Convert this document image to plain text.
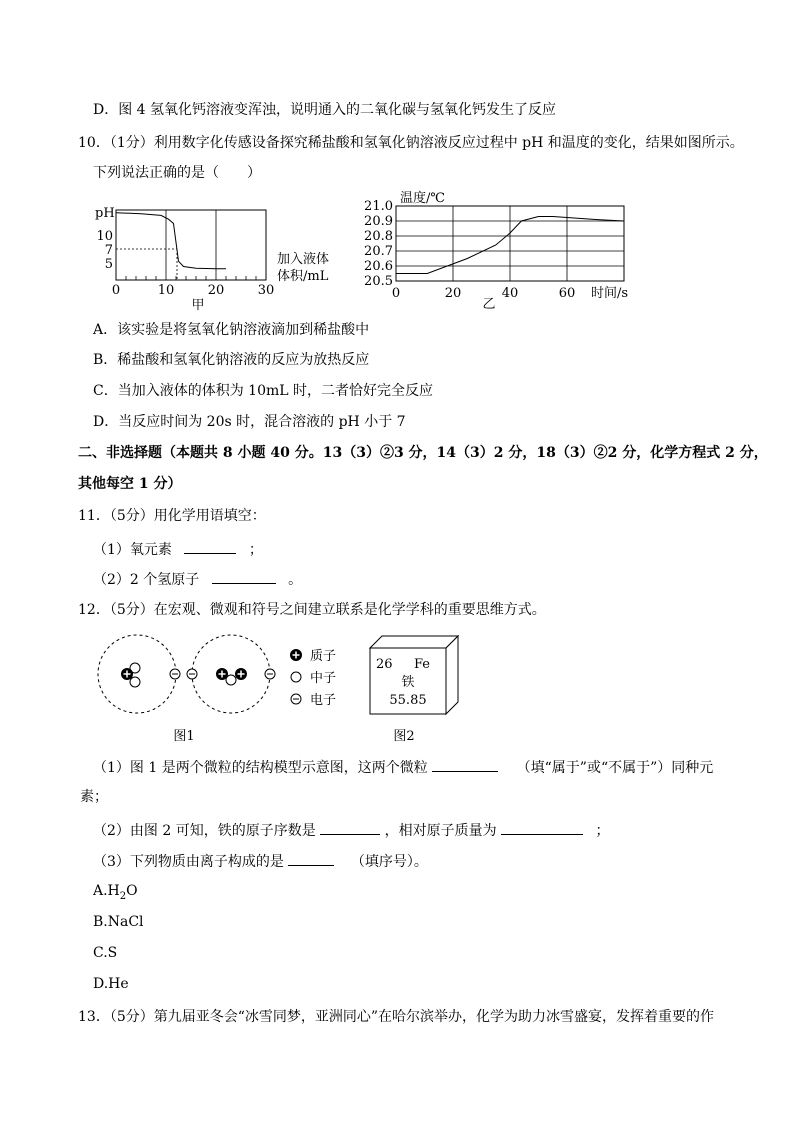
D．图 4 氢氧化钙溶液变浑浊，说明通入的二氧化碳与氢氧化钙发生了反应
10．（1分）利用数字化传感设备探究稀盐酸和氢氧化钠溶液反应过程中 pH 和温度的变化，结果如图所示。
下列说法正确的是（　　）
pH
10
7
5
0	10	20	30
加入液体
体积/mL
甲
温度/℃
21.0
20.9
20.8
20.7
20.6
20.5
0	20	40	60 时间/s
乙
A．该实验是将氢氧化钠溶液滴加到稀盐酸中
B．稀盐酸和氢氧化钠溶液的反应为放热反应
C．当加入液体的体积为 10mL 时，二者恰好完全反应
D．当反应时间为 20s 时，混合溶液的 pH 小于 7
二、非选择题（本题共 8 小题 40 分。13（3）②3 分，14（3）2 分，18（3）②2 分，化学方程式 2 分，
其他每空 1 分）
11．（5分）用化学用语填空：
（1）氧元素	；
（2）2 个氢原子	。
12．（5分）在宏观、微观和符号之间建立联系是化学学科的重要思维方式。
质子
中子
电子
26 Fe
铁
55.85
图1	图2
（1）图 1 是两个微粒的结构模型示意图，这两个微粒	（填“属于”或“不属于”）同种元
素；
（2）由图 2 可知，铁的原子序数是	，相对原子质量为	；
（3）下列物质由离子构成的是	（填序号）。
$A.H_2O$
B.NaCl
C.S
D.He
13．（5分）第九届亚冬会“冰雪同梦，亚洲同心”在哈尔滨举办，化学为助力冰雪盛宴，发挥着重要的作
